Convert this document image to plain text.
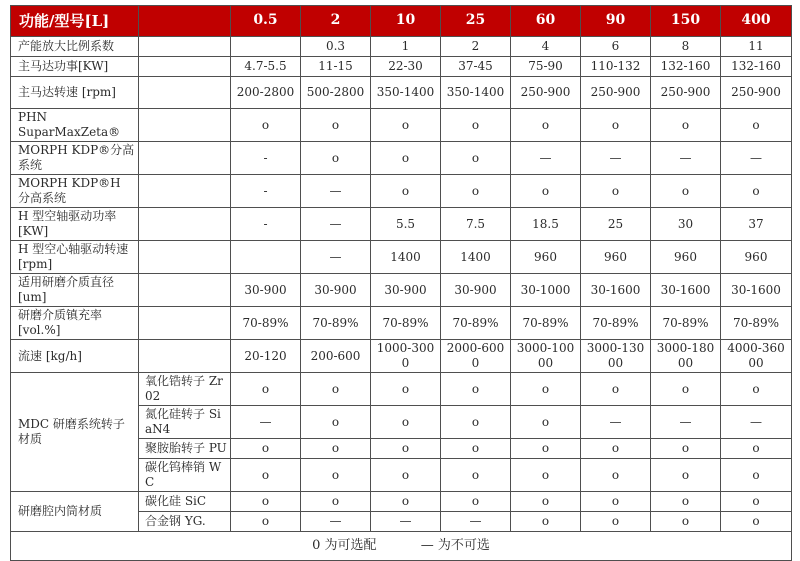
功能/型号[L]		0.5	2	10	25	60	90	150	400
产能放大比例系数			0.3	1	2	4	6	8	11
主马达功事[KW]		4.7-5.5	11-15	22-30	37-45	75-90	110-132	132-160	132-160
主马达转速 [rpm]		200-2800	500-2800	350-1400	350-1400	250-900	250-900	250-900	250-900
PHN SuparMaxZeta®		o	o	o	o	o	o	o	o
MORPH KDP®分高系统		-	o	o	o	—	—	—	—
MORPH KDP®H 分高系统		-	—	o	o	o	o	o	o
H 型空轴驱动功率[KW]		-	—	5.5	7.5	18.5	25	30	37
H 型空心轴驱动转速 [rpm]			—	1400	1400	960	960	960	960
适用研磨介质直径 [um]		30-900	30-900	30-900	30-900	30-1000	30-1600	30-1600	30-1600
研磨介质镇充率 [vol.%]		70-89%	70-89%	70-89%	70-89%	70-89%	70-89%	70-89%	70-89%
流速 [kg/h]		20-120	200-600	1000-3000	2000-6000	3000-10000	3000-13000	3000-18000	4000-36000
MDC 研磨系统转子材质	氧化锆转子 Zr02	o	o	o	o	o	o	o	o
	氮化硅转子 SiaN4	—	o	o	o	o	—	—	—
	聚胺胎转子 PU	o	o	o	o	o	o	o	o
	碳化钨棒销 WC	o	o	o	o	o	o	o	o
研磨腔内筒材质	碳化硅 SiC	o	o	o	o	o	o	o	o
	合金钢 YG.	o	—	—	—	o	o	o	o
0 为可选配 — 为不可选									
